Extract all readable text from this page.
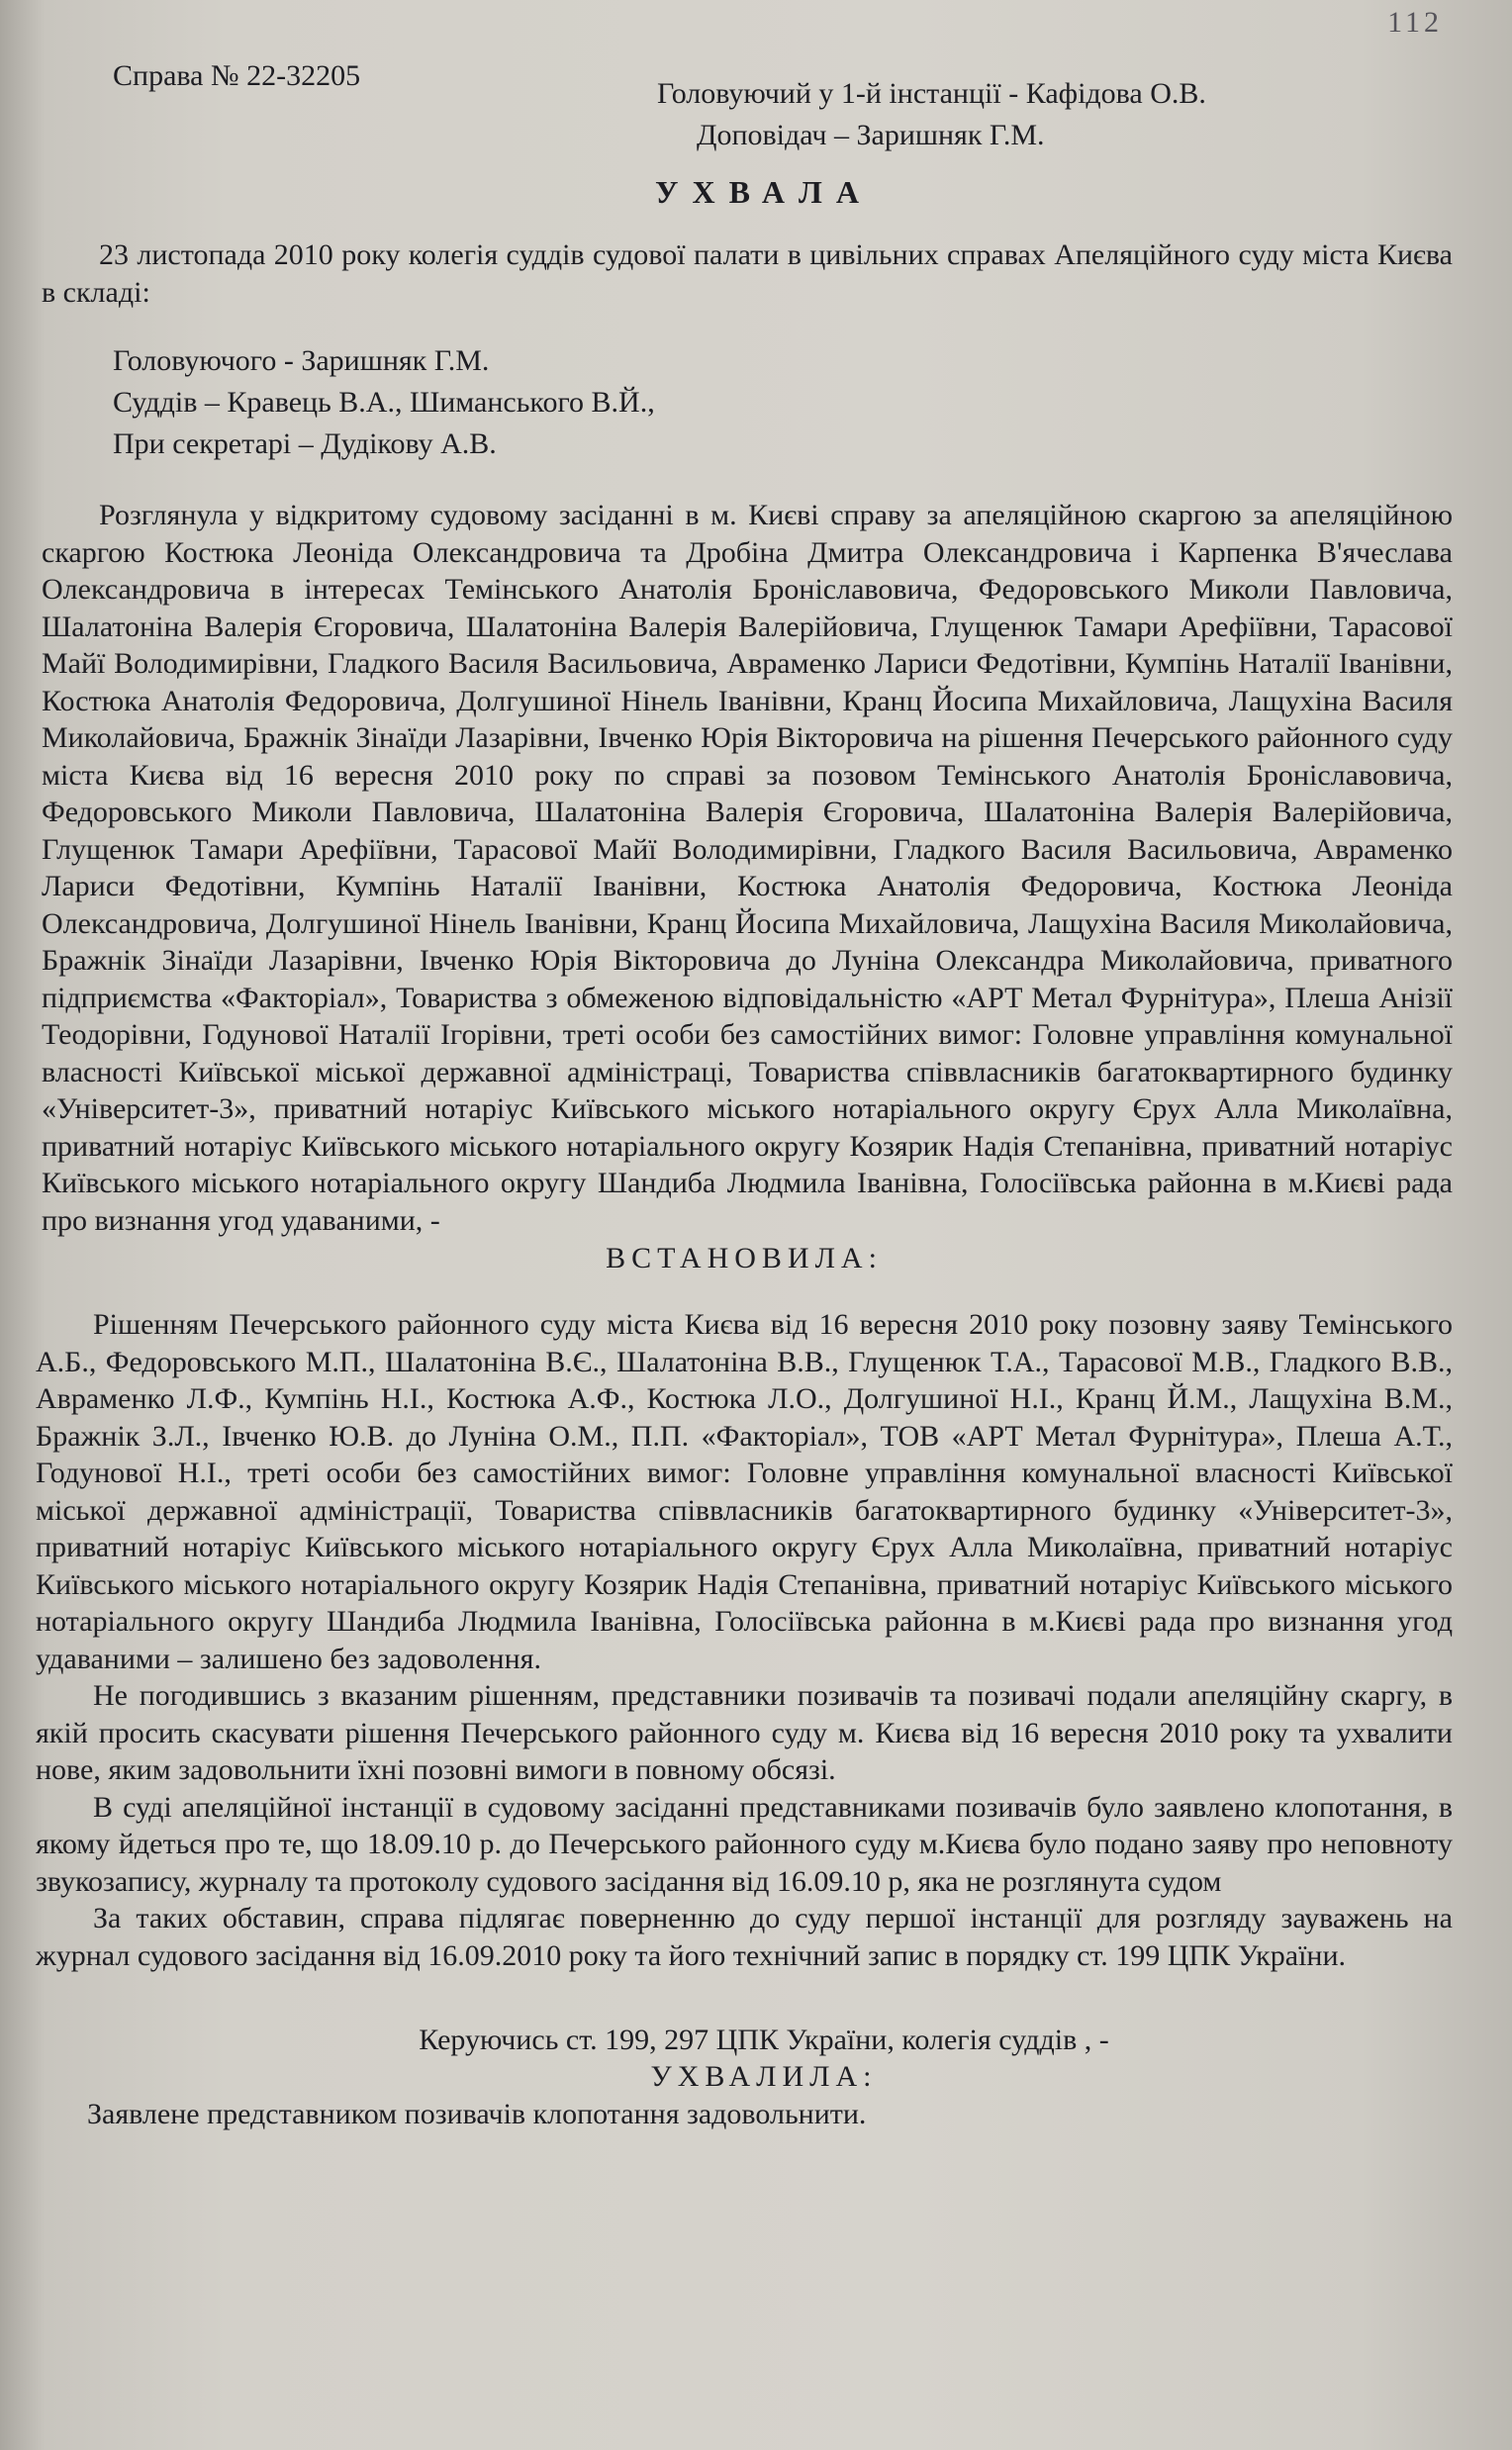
112
Справа № 22-32205
Головуючий у 1-й інстанції - Кафідова О.В.
Доповідач – Заришняк Г.М.
УХВАЛА

23 листопада 2010 року колегія суддів судової палати в цивільних справах Апеляційного суду міста Києва в складі:

Головуючого - Заришняк Г.М.
Суддів – Кравець В.А., Шиманського В.Й.,
При секретарі – Дудікову А.В.

Розглянула у відкритому судовому засіданні в м. Києві справу за апеляційною скаргою за апеляційною скаргою Костюка Леоніда Олександровича та Дробіна Дмитра Олександровича і Карпенка В'ячеслава Олександровича в інтересах Темінського Анатолія Броніславовича, Федоровського Миколи Павловича, Шалатоніна Валерія Єгоровича, Шалатоніна Валерія Валерійовича, Глущенюк Тамари Арефіївни, Тарасової Майї Володимирівни, Гладкого Василя Васильовича, Авраменко Лариси Федотівни, Кумпінь Наталії Іванівни, Костюка Анатолія Федоровича, Долгушиної Нінель Іванівни, Кранц Йосипа Михайловича, Лащухіна Василя Миколайовича, Бражнік Зінаїди Лазарівни, Івченко Юрія Вікторовича на рішення Печерського районного суду міста Києва від 16 вересня 2010 року по справі за позовом Темінського Анатолія Броніславовича, Федоровського Миколи Павловича, Шалатоніна Валерія Єгоровича, Шалатоніна Валерія Валерійовича, Глущенюк Тамари Арефіївни, Тарасової Майї Володимирівни, Гладкого Василя Васильовича, Авраменко Лариси Федотівни, Кумпінь Наталії Іванівни, Костюка Анатолія Федоровича, Костюка Леоніда Олександровича, Долгушиної Нінель Іванівни, Кранц Йосипа Михайловича, Лащухіна Василя Миколайовича, Бражнік Зінаїди Лазарівни, Івченко Юрія Вікторовича до Луніна Олександра Миколайовича, приватного підприємства «Факторіал», Товариства з обмеженою відповідальністю «АРТ Метал Фурнітура», Плеша Анізії Теодорівни, Годунової Наталії Ігорівни, треті особи без самостійних вимог: Головне управління комунальної власності Київської міської державної адміністраці, Товариства співвласників багатоквартирного будинку «Університет-3», приватний нотаріус Київського міського нотаріального округу Єрух Алла Миколаївна, приватний нотаріус Київського міського нотаріального округу Козярик Надія Степанівна, приватний нотаріус Київського міського нотаріального округу Шандиба Людмила Іванівна, Голосіївська районна в м.Києві рада про визнання угод удаваними, -

ВСТАНОВИЛА:

Рішенням Печерського районного суду міста Києва від 16 вересня 2010 року позовну заяву Темінського А.Б., Федоровського М.П., Шалатоніна В.Є., Шалатоніна В.В., Глущенюк Т.А., Тарасової М.В., Гладкого В.В., Авраменко Л.Ф., Кумпінь Н.І., Костюка А.Ф., Костюка Л.О., Долгушиної Н.І., Кранц Й.М., Лащухіна В.М., Бражнік З.Л., Івченко Ю.В. до Луніна О.М., П.П. «Факторіал», ТОВ «АРТ Метал Фурнітура», Плеша А.Т., Годунової Н.І., треті особи без самостійних вимог: Головне управління комунальної власності Київської міської державної адміністрації, Товариства співвласників багатоквартирного будинку «Університет-3», приватний нотаріус Київського міського нотаріального округу Єрух Алла Миколаївна, приватний нотаріус Київського міського нотаріального округу Козярик Надія Степанівна, приватний нотаріус Київського міського нотаріального округу Шандиба Людмила Іванівна, Голосіївська районна в м.Києві рада про визнання угод удаваними – залишено без задоволення.

Не погодившись з вказаним рішенням, представники позивачів та позивачі подали апеляційну скаргу, в якій просить скасувати рішення Печерського районного суду м. Києва від 16 вересня 2010 року та ухвалити нове, яким задовольнити їхні позовні вимоги в повному обсязі.

В суді апеляційної інстанції в судовому засіданні представниками позивачів було заявлено клопотання, в якому йдеться про те, що 18.09.10 р. до Печерського районного суду м.Києва було подано заяву про неповноту звукозапису, журналу та протоколу судового засідання від 16.09.10 р, яка не розглянута судом

За таких обставин, справа підлягає поверненню до суду першої інстанції для розгляду зауважень на журнал судового засідання від 16.09.2010 року та його технічний запис в порядку ст. 199 ЦПК України.

Керуючись ст. 199, 297 ЦПК України, колегія суддів , -
УХВАЛИЛА:
Заявлене представником позивачів клопотання задовольнити.
